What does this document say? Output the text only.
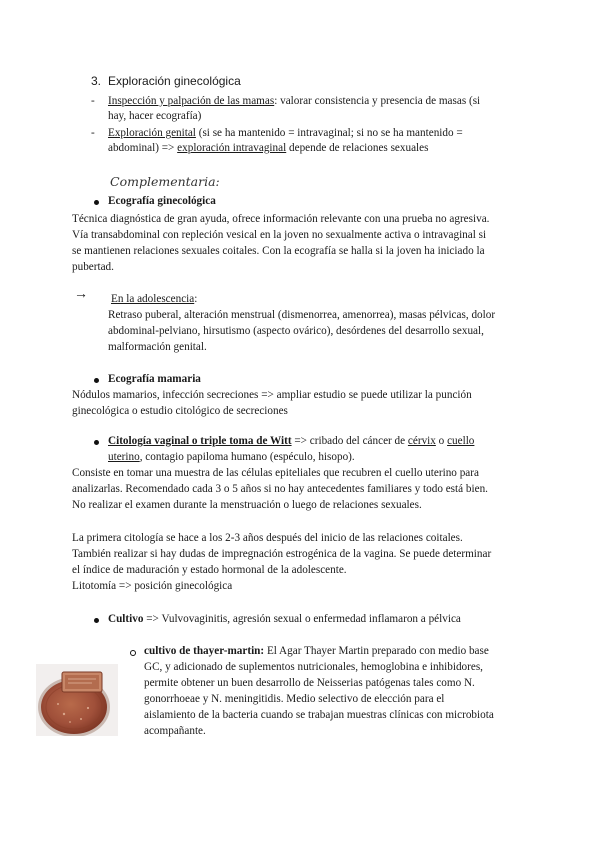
3. Exploración ginecológica
- Inspección y palpación de las mamas: valorar consistencia y presencia de masas (si
hay, hacer ecografía)
- Exploración genital (si se ha mantenido = intravaginal; si no se ha mantenido =
abdominal) => exploración intravaginal depende de relaciones sexuales
Complementaria:
Ecografía ginecológica
Técnica diagnóstica de gran ayuda, ofrece información relevante con una prueba no agresiva.
Vía transabdominal con repleción vesical en la joven no sexualmente activa o intravaginal si
se mantienen relaciones sexuales coitales. Con la ecografía se halla si la joven ha iniciado la
pubertad.
→ En la adolescencia:
Retraso puberal, alteración menstrual (dismenorrea, amenorrea), masas pélvicas, dolor
abdominal-pelviano, hirsutismo (aspecto ovárico), desórdenes del desarrollo sexual,
malformación genital.
Ecografía mamaria
Nódulos mamarios, infección secreciones => ampliar estudio se puede utilizar la punción
ginecológica o estudio citológico de secreciones
Citología vaginal o triple toma de Witt => cribado del cáncer de cérvix o cuello
uterino, contagio papiloma humano (espéculo, hisopo).
Consiste en tomar una muestra de las células epiteliales que recubren el cuello uterino para
analizarlas. Recomendado cada 3 o 5 años si no hay antecedentes familiares y todo está bien.
No realizar el examen durante la menstruación o luego de relaciones sexuales.
La primera citología se hace a los 2-3 años después del inicio de las relaciones coitales.
También realizar si hay dudas de impregnación estrogénica de la vagina. Se puede determinar
el índice de maduración y estado hormonal de la adolescente.
Litotomía => posición ginecológica
Cultivo => Vulvovaginitis, agresión sexual o enfermedad inflamaron a pélvica
cultivo de thayer-martin: El Agar Thayer Martin preparado con medio base
GC, y adicionado de suplementos nutricionales, hemoglobina e inhibidores,
permite obtener un buen desarrollo de Neisserias patógenas tales como N.
gonorrhoeae y N. meningitidis. Medio selectivo de elección para el
aislamiento de la bacteria cuando se trabajan muestras clínicas con microbiota
acompañante.
